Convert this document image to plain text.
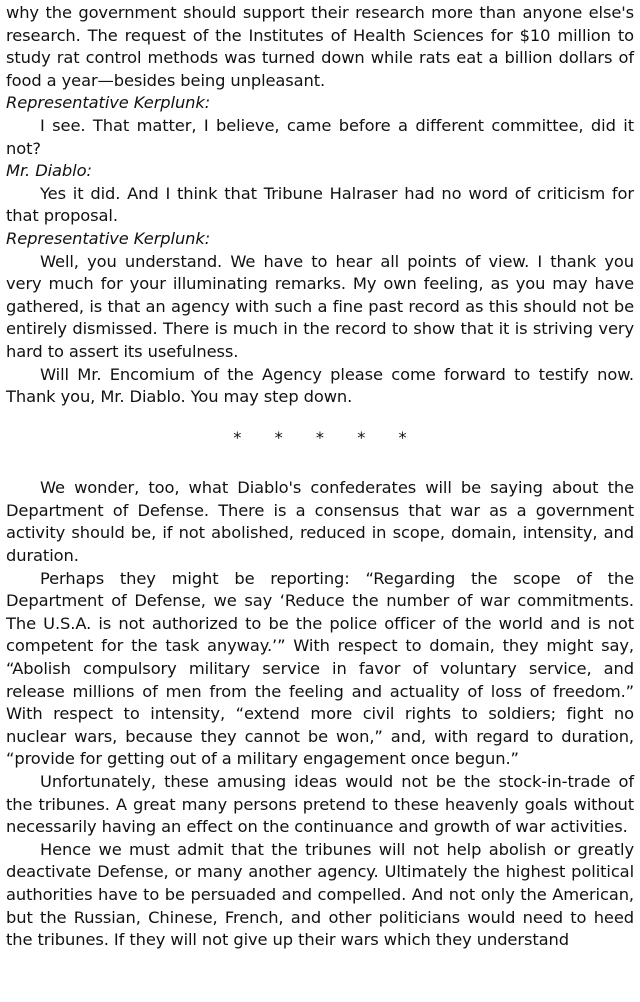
why the government should support their research more than anyone else's research. The request of the Institutes of Health Sciences for $10 million to study rat control methods was turned down while rats eat a billion dollars of food a year—besides being unpleasant.

Representative Kerplunk:

I see. That matter, I believe, came before a different committee, did it not?

Mr. Diablo:

Yes it did. And I think that Tribune Halraser had no word of criticism for that proposal.

Representative Kerplunk:

Well, you understand. We have to hear all points of view. I thank you very much for your illuminating remarks. My own feeling, as you may have gathered, is that an agency with such a fine past record as this should not be entirely dismissed. There is much in the record to show that it is striving very hard to assert its usefulness.

Will Mr. Encomium of the Agency please come forward to testify now. Thank you, Mr. Diablo. You may step down.

* * * * *

We wonder, too, what Diablo's confederates will be saying about the Department of Defense. There is a consensus that war as a government activity should be, if not abolished, reduced in scope, domain, intensity, and duration.

Perhaps they might be reporting: “Regarding the scope of the Department of Defense, we say ‘Reduce the number of war commitments. The U.S.A. is not authorized to be the police officer of the world and is not competent for the task anyway.’” With respect to domain, they might say, “Abolish compulsory military service in favor of voluntary service, and release millions of men from the feeling and actuality of loss of freedom.” With respect to intensity, “extend more civil rights to soldiers; fight no nuclear wars, because they cannot be won,” and, with regard to duration, “provide for getting out of a military engagement once begun.”

Unfortunately, these amusing ideas would not be the stock-in-trade of the tribunes. A great many persons pretend to these heavenly goals without necessarily having an effect on the continuance and growth of war activities.

Hence we must admit that the tribunes will not help abolish or greatly deactivate Defense, or many another agency. Ultimately the highest political authorities have to be persuaded and compelled. And not only the American, but the Russian, Chinese, French, and other politicians would need to heed the tribunes. If they will not give up their wars which they understand
